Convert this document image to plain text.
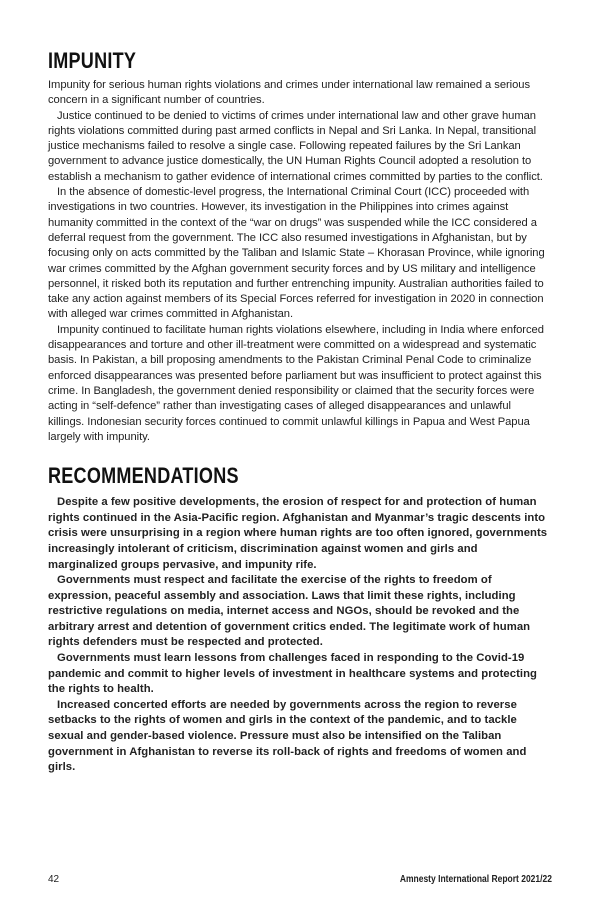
IMPUNITY

Impunity for serious human rights violations and crimes under international law remained a serious concern in a significant number of countries.

Justice continued to be denied to victims of crimes under international law and other grave human rights violations committed during past armed conflicts in Nepal and Sri Lanka. In Nepal, transitional justice mechanisms failed to resolve a single case. Following repeated failures by the Sri Lankan government to advance justice domestically, the UN Human Rights Council adopted a resolution to establish a mechanism to gather evidence of international crimes committed by parties to the conflict.

In the absence of domestic-level progress, the International Criminal Court (ICC) proceeded with investigations in two countries. However, its investigation in the Philippines into crimes against humanity committed in the context of the “war on drugs” was suspended while the ICC considered a deferral request from the government. The ICC also resumed investigations in Afghanistan, but by focusing only on acts committed by the Taliban and Islamic State – Khorasan Province, while ignoring war crimes committed by the Afghan government security forces and by US military and intelligence personnel, it risked both its reputation and further entrenching impunity. Australian authorities failed to take any action against members of its Special Forces referred for investigation in 2020 in connection with alleged war crimes committed in Afghanistan.

Impunity continued to facilitate human rights violations elsewhere, including in India where enforced disappearances and torture and other ill-treatment were committed on a widespread and systematic basis. In Pakistan, a bill proposing amendments to the Pakistan Criminal Penal Code to criminalize enforced disappearances was presented before parliament but was insufficient to protect against this crime. In Bangladesh, the government denied responsibility or claimed that the security forces were acting in “self-defence” rather than investigating cases of alleged disappearances and unlawful killings. Indonesian security forces continued to commit unlawful killings in Papua and West Papua largely with impunity.

RECOMMENDATIONS

Despite a few positive developments, the erosion of respect for and protection of human rights continued in the Asia-Pacific region. Afghanistan and Myanmar’s tragic descents into crisis were unsurprising in a region where human rights are too often ignored, governments increasingly intolerant of criticism, discrimination against women and girls and marginalized groups pervasive, and impunity rife.

Governments must respect and facilitate the exercise of the rights to freedom of expression, peaceful assembly and association. Laws that limit these rights, including restrictive regulations on media, internet access and NGOs, should be revoked and the arbitrary arrest and detention of government critics ended. The legitimate work of human rights defenders must be respected and protected.

Governments must learn lessons from challenges faced in responding to the Covid-19 pandemic and commit to higher levels of investment in healthcare systems and protecting the rights to health.

Increased concerted efforts are needed by governments across the region to reverse setbacks to the rights of women and girls in the context of the pandemic, and to tackle sexual and gender-based violence. Pressure must also be intensified on the Taliban government in Afghanistan to reverse its roll-back of rights and freedoms of women and girls.

42	Amnesty International Report 2021/22
